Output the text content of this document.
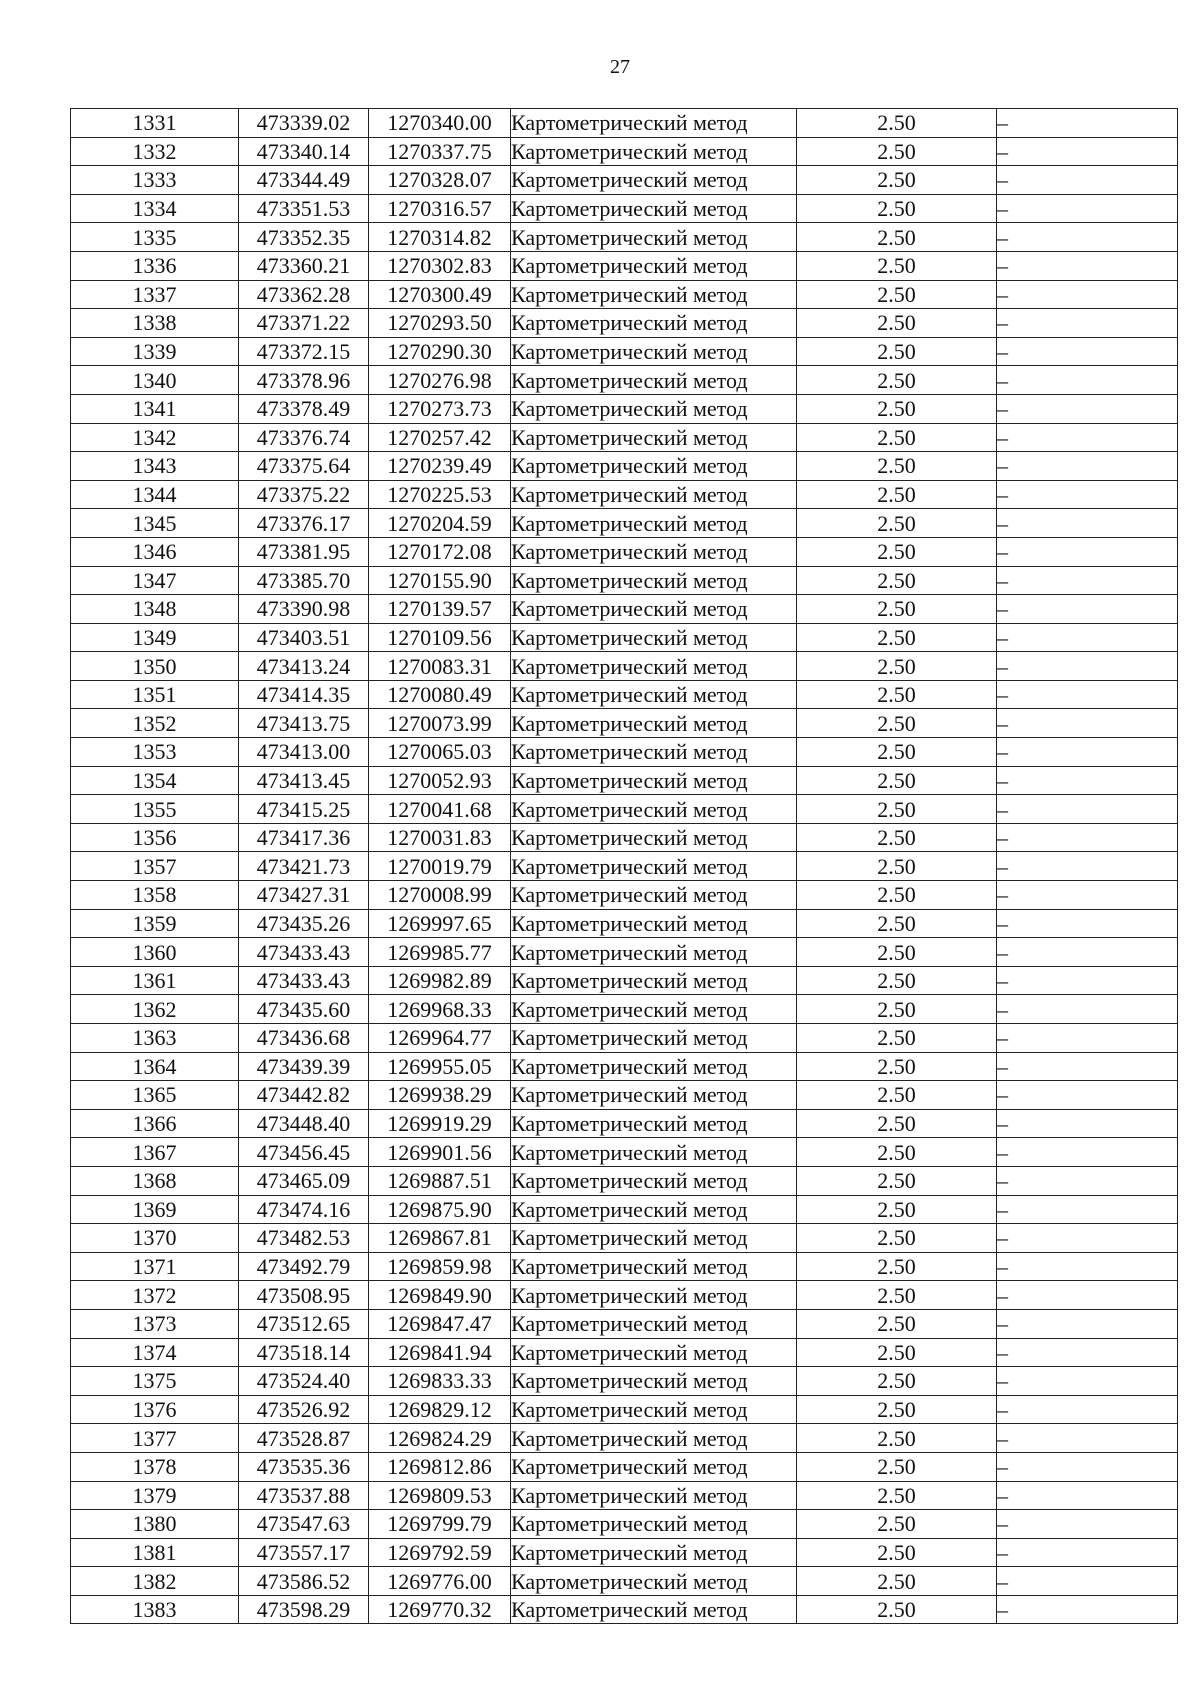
27
1331	473339.02	1270340.00	Картометрический метод	2.50	–
1332	473340.14	1270337.75	Картометрический метод	2.50	–
1333	473344.49	1270328.07	Картометрический метод	2.50	–
1334	473351.53	1270316.57	Картометрический метод	2.50	–
1335	473352.35	1270314.82	Картометрический метод	2.50	–
1336	473360.21	1270302.83	Картометрический метод	2.50	–
1337	473362.28	1270300.49	Картометрический метод	2.50	–
1338	473371.22	1270293.50	Картометрический метод	2.50	–
1339	473372.15	1270290.30	Картометрический метод	2.50	–
1340	473378.96	1270276.98	Картометрический метод	2.50	–
1341	473378.49	1270273.73	Картометрический метод	2.50	–
1342	473376.74	1270257.42	Картометрический метод	2.50	–
1343	473375.64	1270239.49	Картометрический метод	2.50	–
1344	473375.22	1270225.53	Картометрический метод	2.50	–
1345	473376.17	1270204.59	Картометрический метод	2.50	–
1346	473381.95	1270172.08	Картометрический метод	2.50	–
1347	473385.70	1270155.90	Картометрический метод	2.50	–
1348	473390.98	1270139.57	Картометрический метод	2.50	–
1349	473403.51	1270109.56	Картометрический метод	2.50	–
1350	473413.24	1270083.31	Картометрический метод	2.50	–
1351	473414.35	1270080.49	Картометрический метод	2.50	–
1352	473413.75	1270073.99	Картометрический метод	2.50	–
1353	473413.00	1270065.03	Картометрический метод	2.50	–
1354	473413.45	1270052.93	Картометрический метод	2.50	–
1355	473415.25	1270041.68	Картометрический метод	2.50	–
1356	473417.36	1270031.83	Картометрический метод	2.50	–
1357	473421.73	1270019.79	Картометрический метод	2.50	–
1358	473427.31	1270008.99	Картометрический метод	2.50	–
1359	473435.26	1269997.65	Картометрический метод	2.50	–
1360	473433.43	1269985.77	Картометрический метод	2.50	–
1361	473433.43	1269982.89	Картометрический метод	2.50	–
1362	473435.60	1269968.33	Картометрический метод	2.50	–
1363	473436.68	1269964.77	Картометрический метод	2.50	–
1364	473439.39	1269955.05	Картометрический метод	2.50	–
1365	473442.82	1269938.29	Картометрический метод	2.50	–
1366	473448.40	1269919.29	Картометрический метод	2.50	–
1367	473456.45	1269901.56	Картометрический метод	2.50	–
1368	473465.09	1269887.51	Картометрический метод	2.50	–
1369	473474.16	1269875.90	Картометрический метод	2.50	–
1370	473482.53	1269867.81	Картометрический метод	2.50	–
1371	473492.79	1269859.98	Картометрический метод	2.50	–
1372	473508.95	1269849.90	Картометрический метод	2.50	–
1373	473512.65	1269847.47	Картометрический метод	2.50	–
1374	473518.14	1269841.94	Картометрический метод	2.50	–
1375	473524.40	1269833.33	Картометрический метод	2.50	–
1376	473526.92	1269829.12	Картометрический метод	2.50	–
1377	473528.87	1269824.29	Картометрический метод	2.50	–
1378	473535.36	1269812.86	Картометрический метод	2.50	–
1379	473537.88	1269809.53	Картометрический метод	2.50	–
1380	473547.63	1269799.79	Картометрический метод	2.50	–
1381	473557.17	1269792.59	Картометрический метод	2.50	–
1382	473586.52	1269776.00	Картометрический метод	2.50	–
1383	473598.29	1269770.32	Картометрический метод	2.50	–
